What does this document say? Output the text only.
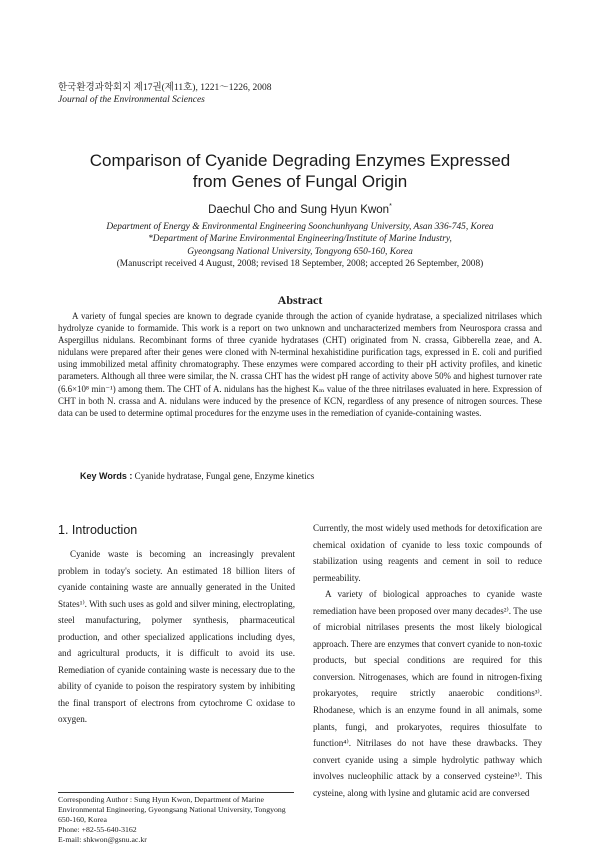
한국환경과학회지 제17권(제11호), 1221～1226, 2008
Journal of the Environmental Sciences
Comparison of Cyanide Degrading Enzymes Expressed
from Genes of Fungal Origin
Daechul Cho and Sung Hyun Kwon*
Department of Energy & Environmental Engineering Soonchunhyang University, Asan 336-745, Korea
*Department of Marine Environmental Engineering/Institute of Marine Industry,
Gyeongsang National University, Tongyong 650-160, Korea
(Manuscript received 4 August, 2008; revised 18 September, 2008; accepted 26 September, 2008)
Abstract

A variety of fungal species are known to degrade cyanide through the action of cyanide hydratase, a specialized nitrilases which hydrolyze cyanide to formamide. This work is a report on two unknown and uncharacterized members from Neurospora crassa and Aspergillus nidulans. Recombinant forms of three cyanide hydratases (CHT) originated from N. crassa, Gibberella zeae, and A. nidulans were prepared after their genes were cloned with N-terminal hexahistidine purification tags, expressed in E. coli and purified using immobilized metal affinity chromatography. These enzymes were compared according to their pH activity profiles, and kinetic parameters. Although all three were similar, the N. crassa CHT has the widest pH range of activity above 50% and highest turnover rate (6.6×10⁸ min⁻¹) among them. The CHT of A. nidulans has the highest Kₘ value of the three nitrilases evaluated in here. Expression of CHT in both N. crassa and A. nidulans were induced by the presence of KCN, regardless of any presence of nitrogen sources. These data can be used to determine optimal procedures for the enzyme uses in the remediation of cyanide-containing wastes.

Key Words : Cyanide hydratase, Fungal gene, Enzyme kinetics
1. Introduction

Cyanide waste is becoming an increasingly prevalent problem in today's society. An estimated 18 billion liters of cyanide containing waste are annually generated in the United States¹⁾. With such uses as gold and silver mining, electroplating, steel manufacturing, polymer synthesis, pharmaceutical production, and other specialized applications including dyes, and agricultural products, it is difficult to avoid its use. Remediation of cyanide containing waste is necessary due to the ability of cyanide to poison the respiratory system by inhibiting the final transport of electrons from cytochrome C oxidase to oxygen.

Currently, the most widely used methods for detoxification are chemical oxidation of cyanide to less toxic compounds of stabilization using reagents and cement in soil to reduce permeability.

A variety of biological approaches to cyanide waste remediation have been proposed over many decades²⁾. The use of microbial nitrilases presents the most likely biological approach. There are enzymes that convert cyanide to non-toxic products, but special conditions are required for this conversion. Nitrogenases, which are found in nitrogen-fixing prokaryotes, require strictly anaerobic conditions³⁾. Rhodanese, which is an enzyme found in all animals, some plants, fungi, and prokaryotes, requires thiosulfate to function⁴⁾. Nitrilases do not have these drawbacks. They convert cyanide using a simple hydrolytic pathway which involves nucleophilic attack by a conserved cysteine⁵⁾. This cysteine, along with lysine and glutamic acid are conversed

Corresponding Author : Sung Hyun Kwon, Department of Marine Environmental Engineering, Gyeongsang National University, Tongyong 650-160, Korea
Phone: +82-55-640-3162
E-mail: shkwon@gsnu.ac.kr
